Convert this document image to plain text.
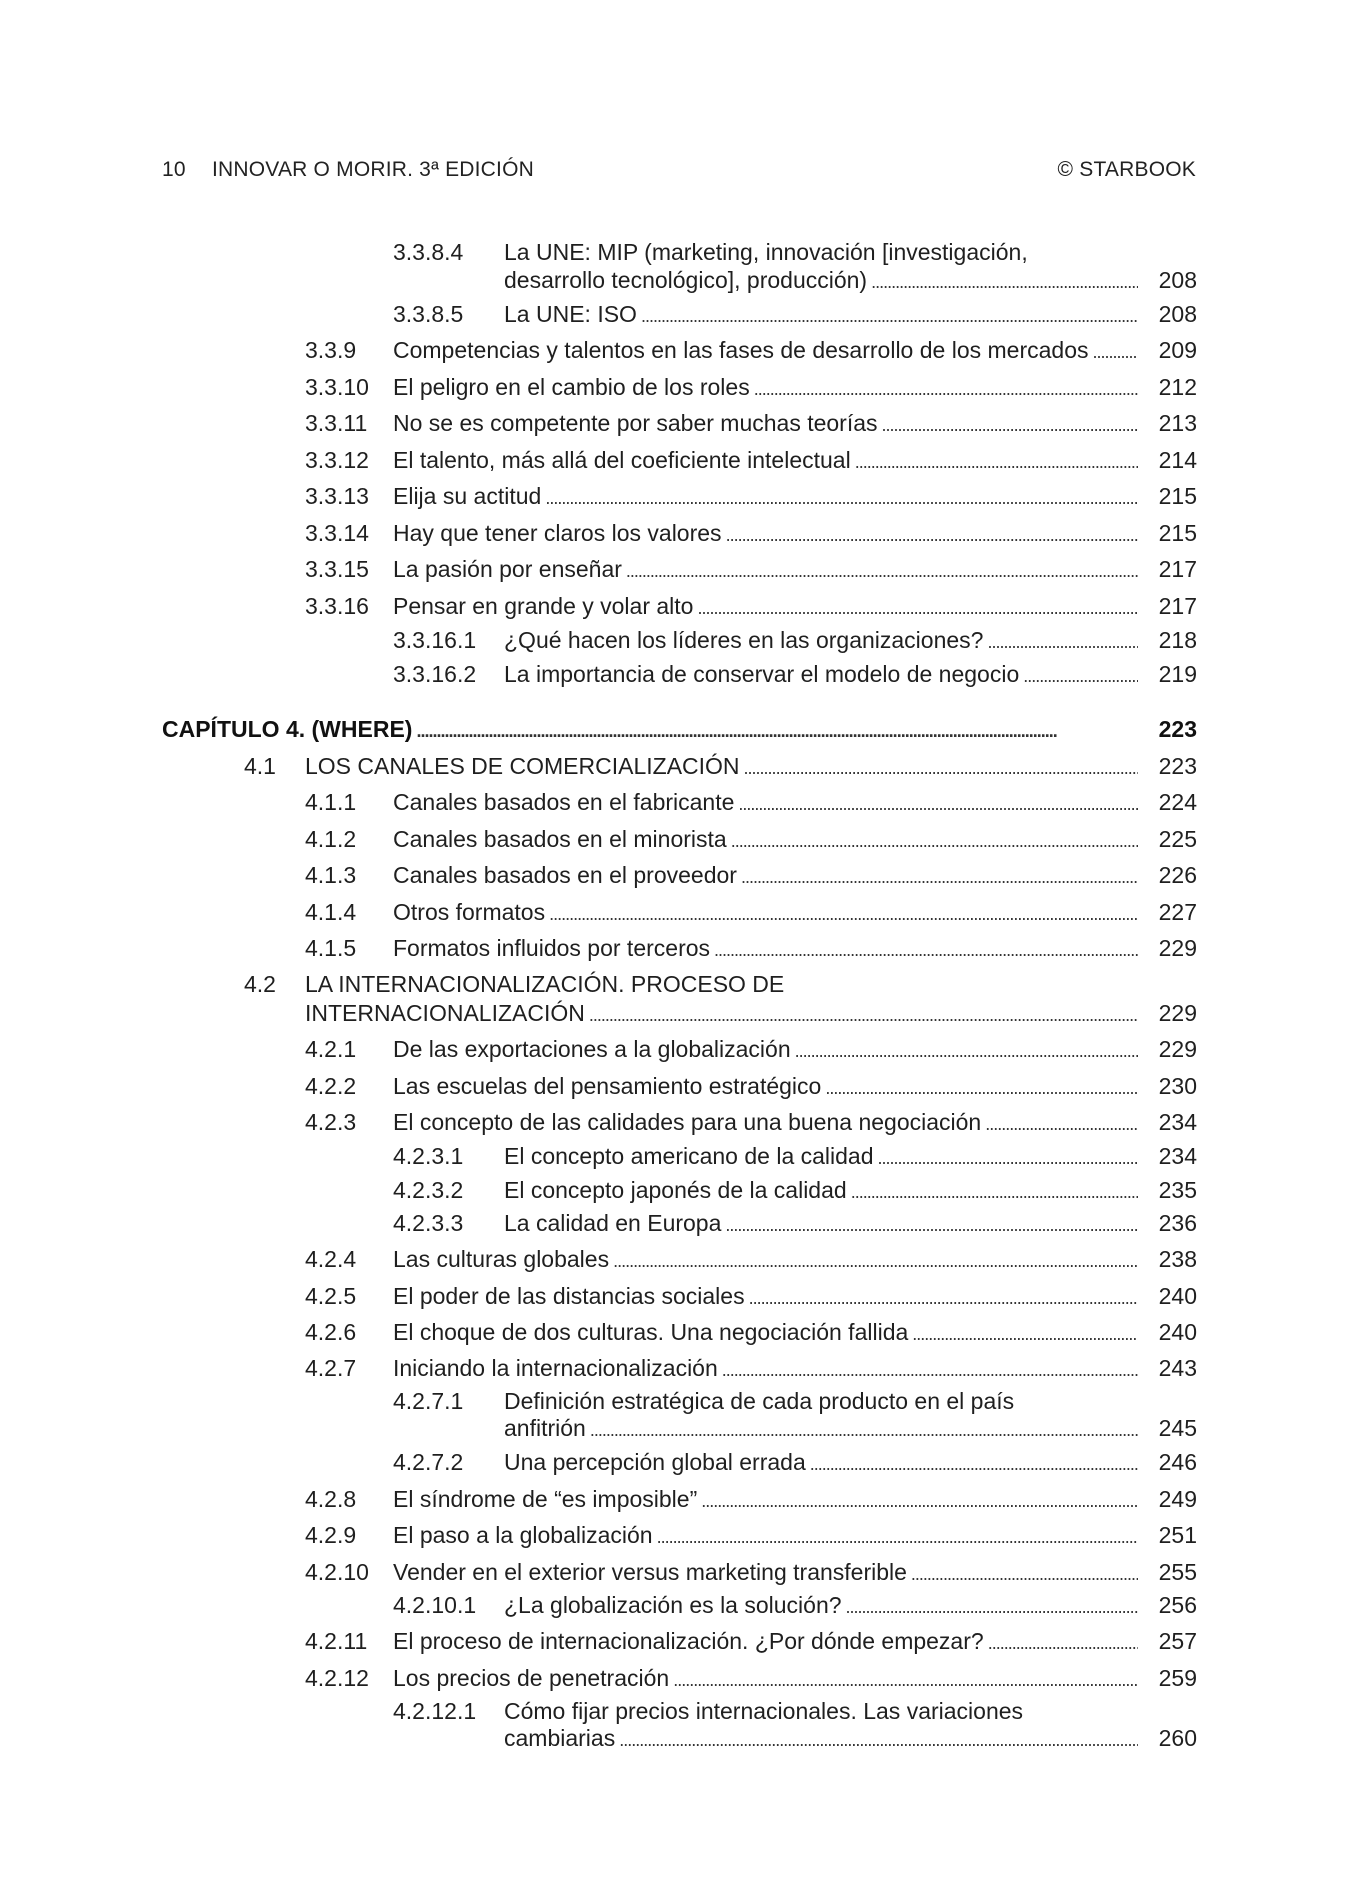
10 INNOVAR O MORIR. 3ª EDICIÓN	© STARBOOK
3.3.8.4 La UNE: MIP (marketing, innovación [investigación,
desarrollo tecnológico], producción) . . .	208
3.3.8.5 La UNE: ISO . . .	208
3.3.9 Competencias y talentos en las fases de desarrollo de los mercados . . .	209
3.3.10 El peligro en el cambio de los roles . . .	212
3.3.11 No se es competente por saber muchas teorías . . .	213
3.3.12 El talento, más allá del coeficiente intelectual . . .	214
3.3.13 Elija su actitud . . .	215
3.3.14 Hay que tener claros los valores . . .	215
3.3.15 La pasión por enseñar . . .	217
3.3.16 Pensar en grande y volar alto . . .	217
3.3.16.1 ¿Qué hacen los líderes en las organizaciones? . . .	218
3.3.16.2 La importancia de conservar el modelo de negocio . . .	219
CAPÍTULO 4. (WHERE) . . .	223
4.1 LOS CANALES DE COMERCIALIZACIÓN . . .	223
4.1.1 Canales basados en el fabricante . . .	224
4.1.2 Canales basados en el minorista . . .	225
4.1.3 Canales basados en el proveedor . . .	226
4.1.4 Otros formatos . . .	227
4.1.5 Formatos influidos por terceros . . .	229
4.2 LA INTERNACIONALIZACIÓN. PROCESO DE
INTERNACIONALIZACIÓN . . .	229
4.2.1 De las exportaciones a la globalización . . .	229
4.2.2 Las escuelas del pensamiento estratégico . . .	230
4.2.3 El concepto de las calidades para una buena negociación . . .	234
4.2.3.1 El concepto americano de la calidad . . .	234
4.2.3.2 El concepto japonés de la calidad . . .	235
4.2.3.3 La calidad en Europa . . .	236
4.2.4 Las culturas globales . . .	238
4.2.5 El poder de las distancias sociales . . .	240
4.2.6 El choque de dos culturas. Una negociación fallida . . .	240
4.2.7 Iniciando la internacionalización . . .	243
4.2.7.1 Definición estratégica de cada producto en el país
anfitrión . . .	245
4.2.7.2 Una percepción global errada . . .	246
4.2.8 El síndrome de “es imposible” . . .	249
4.2.9 El paso a la globalización . . .	251
4.2.10 Vender en el exterior versus marketing transferible . . .	255
4.2.10.1 ¿La globalización es la solución? . . .	256
4.2.11 El proceso de internacionalización. ¿Por dónde empezar? . . .	257
4.2.12 Los precios de penetración . . .	259
4.2.12.1 Cómo fijar precios internacionales. Las variaciones
cambiarias . . .	260
